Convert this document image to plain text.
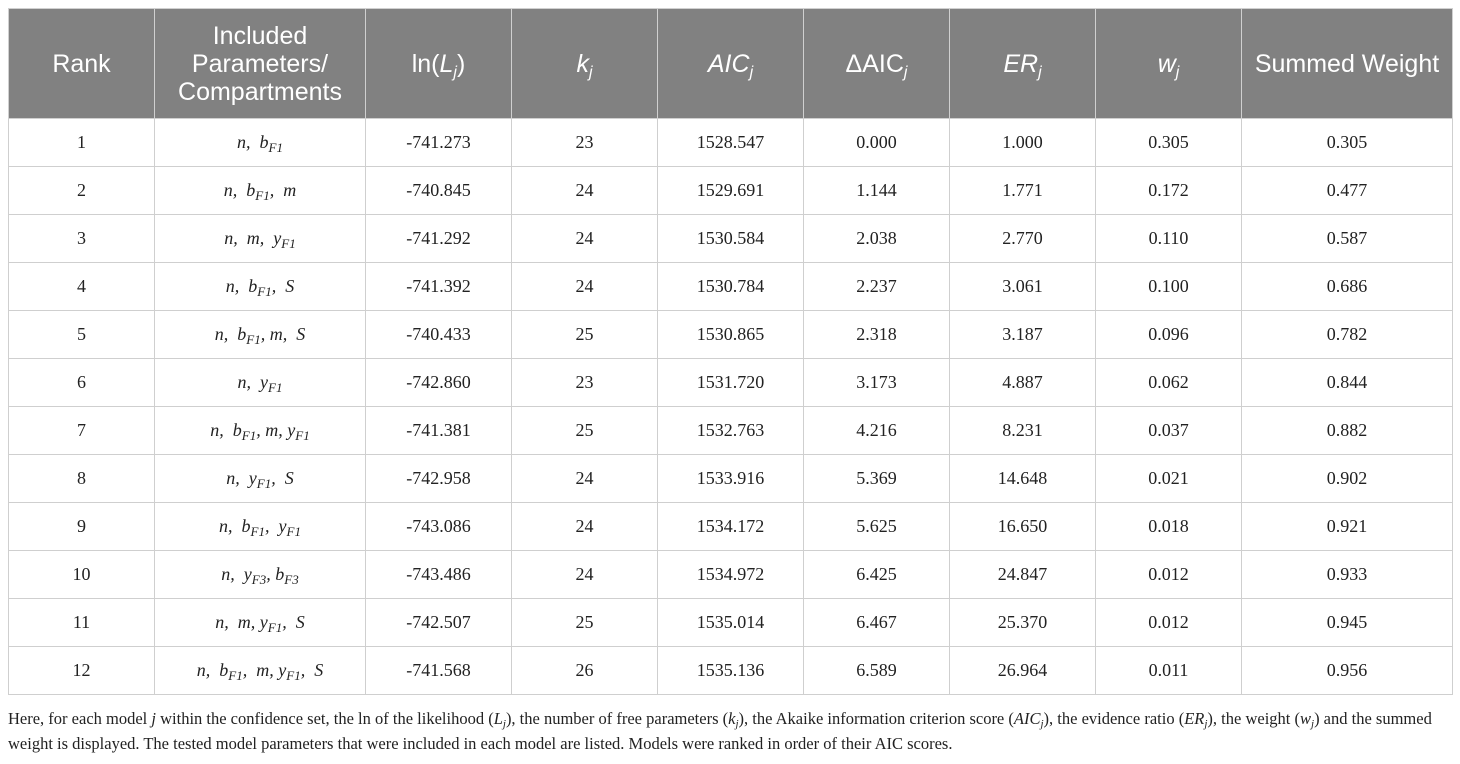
Rank	Included Parameters/ Compartments	$\ln(L_j)$	$k_j$	$AIC_j$	$\Delta AIC_j$	$ER_j$	$w_j$	Summed Weight
1	n,  $b_{F1}$	-741.273	23	1528.547	0.000	1.000	0.305	0.305
2	n,  $b_{F1}$,  m	-740.845	24	1529.691	1.144	1.771	0.172	0.477
3	n,  m,  $y_{F1}$	-741.292	24	1530.584	2.038	2.770	0.110	0.587
4	n,  $b_{F1}$,  S	-741.392	24	1530.784	2.237	3.061	0.100	0.686
5	n,  $b_{F1}$, m,  S	-740.433	25	1530.865	2.318	3.187	0.096	0.782
6	n,  $y_{F1}$	-742.860	23	1531.720	3.173	4.887	0.062	0.844
7	n,  $b_{F1}$, m, $y_{F1}$	-741.381	25	1532.763	4.216	8.231	0.037	0.882
8	n,  $y_{F1}$,  S	-742.958	24	1533.916	5.369	14.648	0.021	0.902
9	n,  $b_{F1}$,  $y_{F1}$	-743.086	24	1534.172	5.625	16.650	0.018	0.921
10	n,  $y_{F3}$, $b_{F3}$	-743.486	24	1534.972	6.425	24.847	0.012	0.933
11	n,  m, $y_{F1}$,  S	-742.507	25	1535.014	6.467	25.370	0.012	0.945
12	n,  $b_{F1}$,  m, $y_{F1}$,  S	-741.568	26	1535.136	6.589	26.964	0.011	0.956
Here, for each model j within the confidence set, the ln of the likelihood $(L_j)$, the number of free parameters $(k_j)$, the Akaike information criterion score $(AIC_j)$, the evidence ratio $(ER_j)$, the weight $(w_j)$ and the summed weight is displayed. The tested model parameters that were included in each model are listed. Models were ranked in order of their AIC scores.
